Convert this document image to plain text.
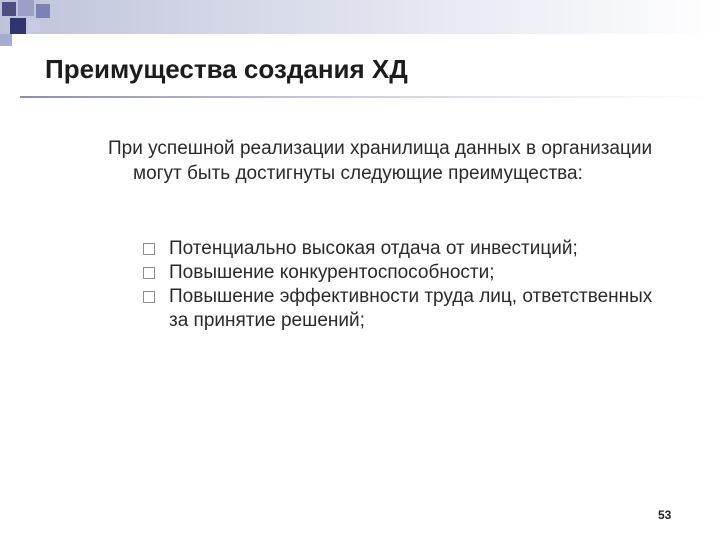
Преимущества создания ХД

При успешной реализации хранилища данных в организации могут быть достигнуты следующие преимущества:

Потенциально высокая отдача от инвестиций;
Повышение конкурентоспособности;
Повышение эффективности труда лиц, ответственных за принятие решений;
53
